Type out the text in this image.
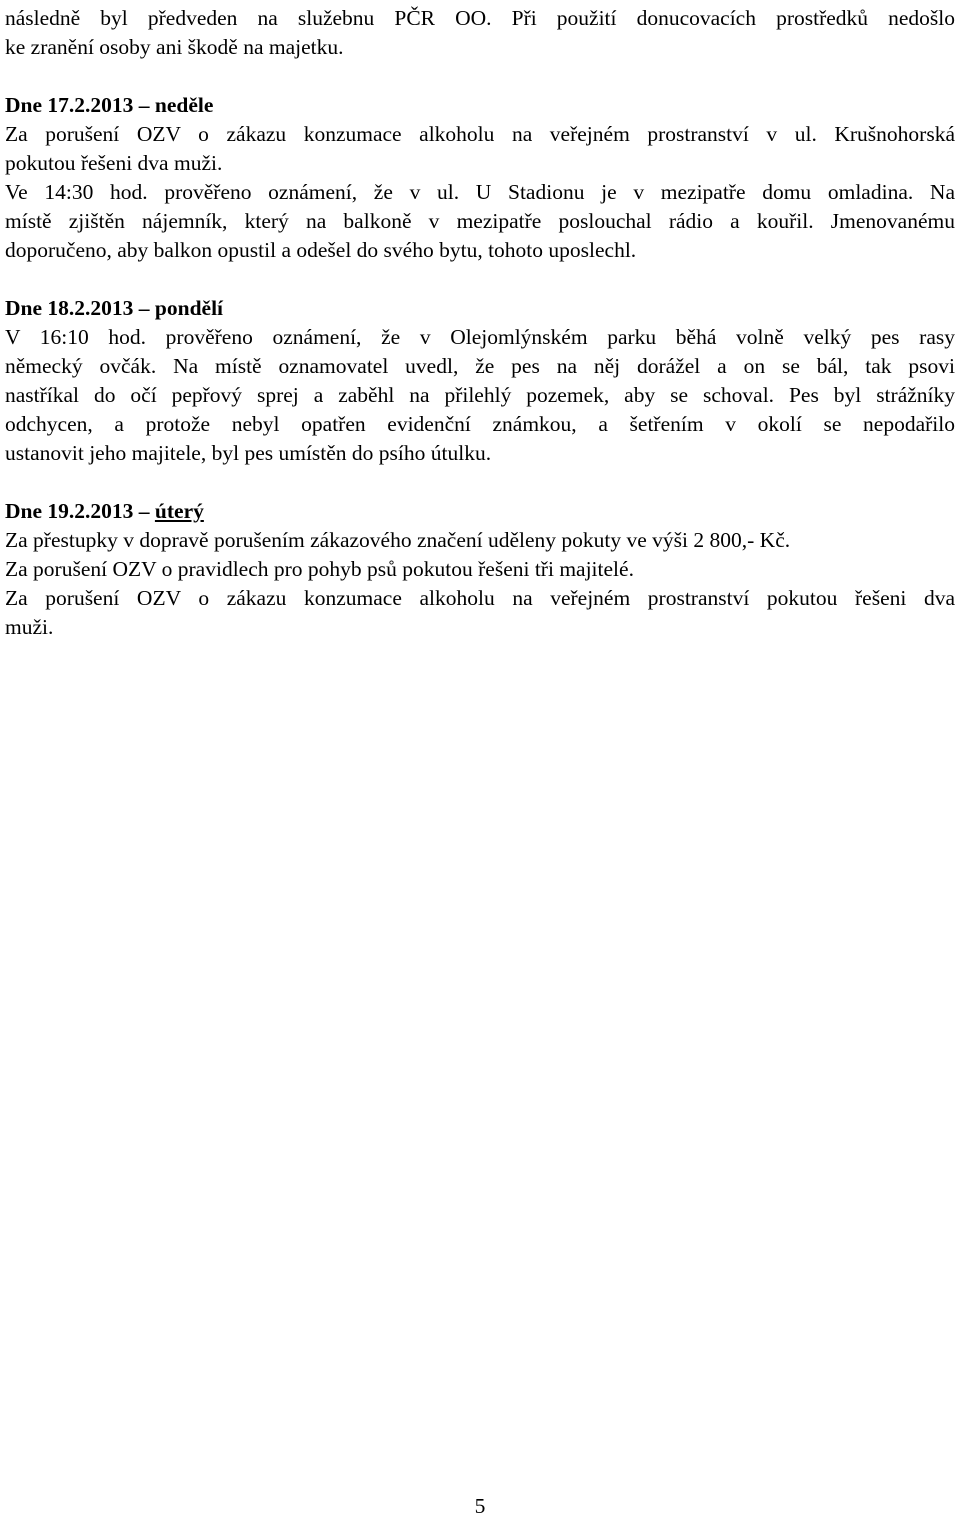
následně byl předveden na služebnu PČR OO. Při použití donucovacích prostředků nedošlo
ke zranění osoby ani škodě na majetku.
Dne 17.2.2013 – neděle
Za porušení OZV o zákazu konzumace alkoholu na veřejném prostranství v ul. Krušnohorská
pokutou řešeni dva muži.
Ve 14:30 hod. prověřeno oznámení, že v ul. U Stadionu je v mezipatře domu omladina. Na
místě zjištěn nájemník, který na balkoně v mezipatře poslouchal rádio a kouřil. Jmenovanému
doporučeno, aby balkon opustil a odešel do svého bytu, tohoto uposlechl.
Dne 18.2.2013 – pondělí
V 16:10 hod. prověřeno oznámení, že v Olejomlýnském parku běhá volně velký pes rasy
německý ovčák. Na místě oznamovatel uvedl, že pes na něj dorážel a on se bál, tak psovi
nastříkal do očí pepřový sprej a zaběhl na přilehlý pozemek, aby se schoval. Pes byl strážníky
odchycen, a protože nebyl opatřen evidenční známkou, a šetřením v okolí se nepodařilo
ustanovit jeho majitele, byl pes umístěn do psího útulku.
Dne 19.2.2013 – úterý
Za přestupky v dopravě porušením zákazového značení uděleny pokuty ve výši 2 800,- Kč.
Za porušení OZV o pravidlech pro pohyb psů pokutou řešeni tři majitelé.
Za porušení OZV o zákazu konzumace alkoholu na veřejném prostranství pokutou řešeni dva
muži.
5
